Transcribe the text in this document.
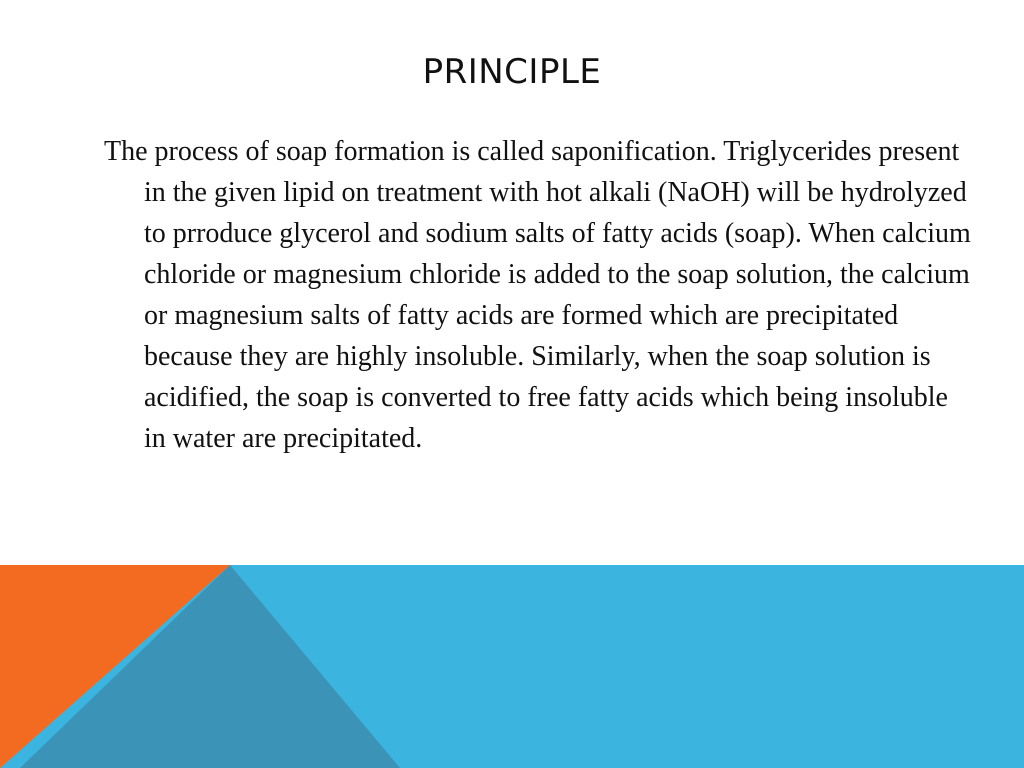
PRINCIPLE

The process of soap formation is called saponification. Triglycerides present in the given lipid on treatment with hot alkali (NaOH) will be hydrolyzed to prroduce glycerol and sodium salts of fatty acids (soap). When calcium chloride or magnesium chloride is added to the soap solution, the calcium or magnesium salts of fatty acids are formed which are precipitated because they are highly insoluble. Similarly, when the soap solution is acidified, the soap is converted to free fatty acids which being insoluble in water are precipitated.
